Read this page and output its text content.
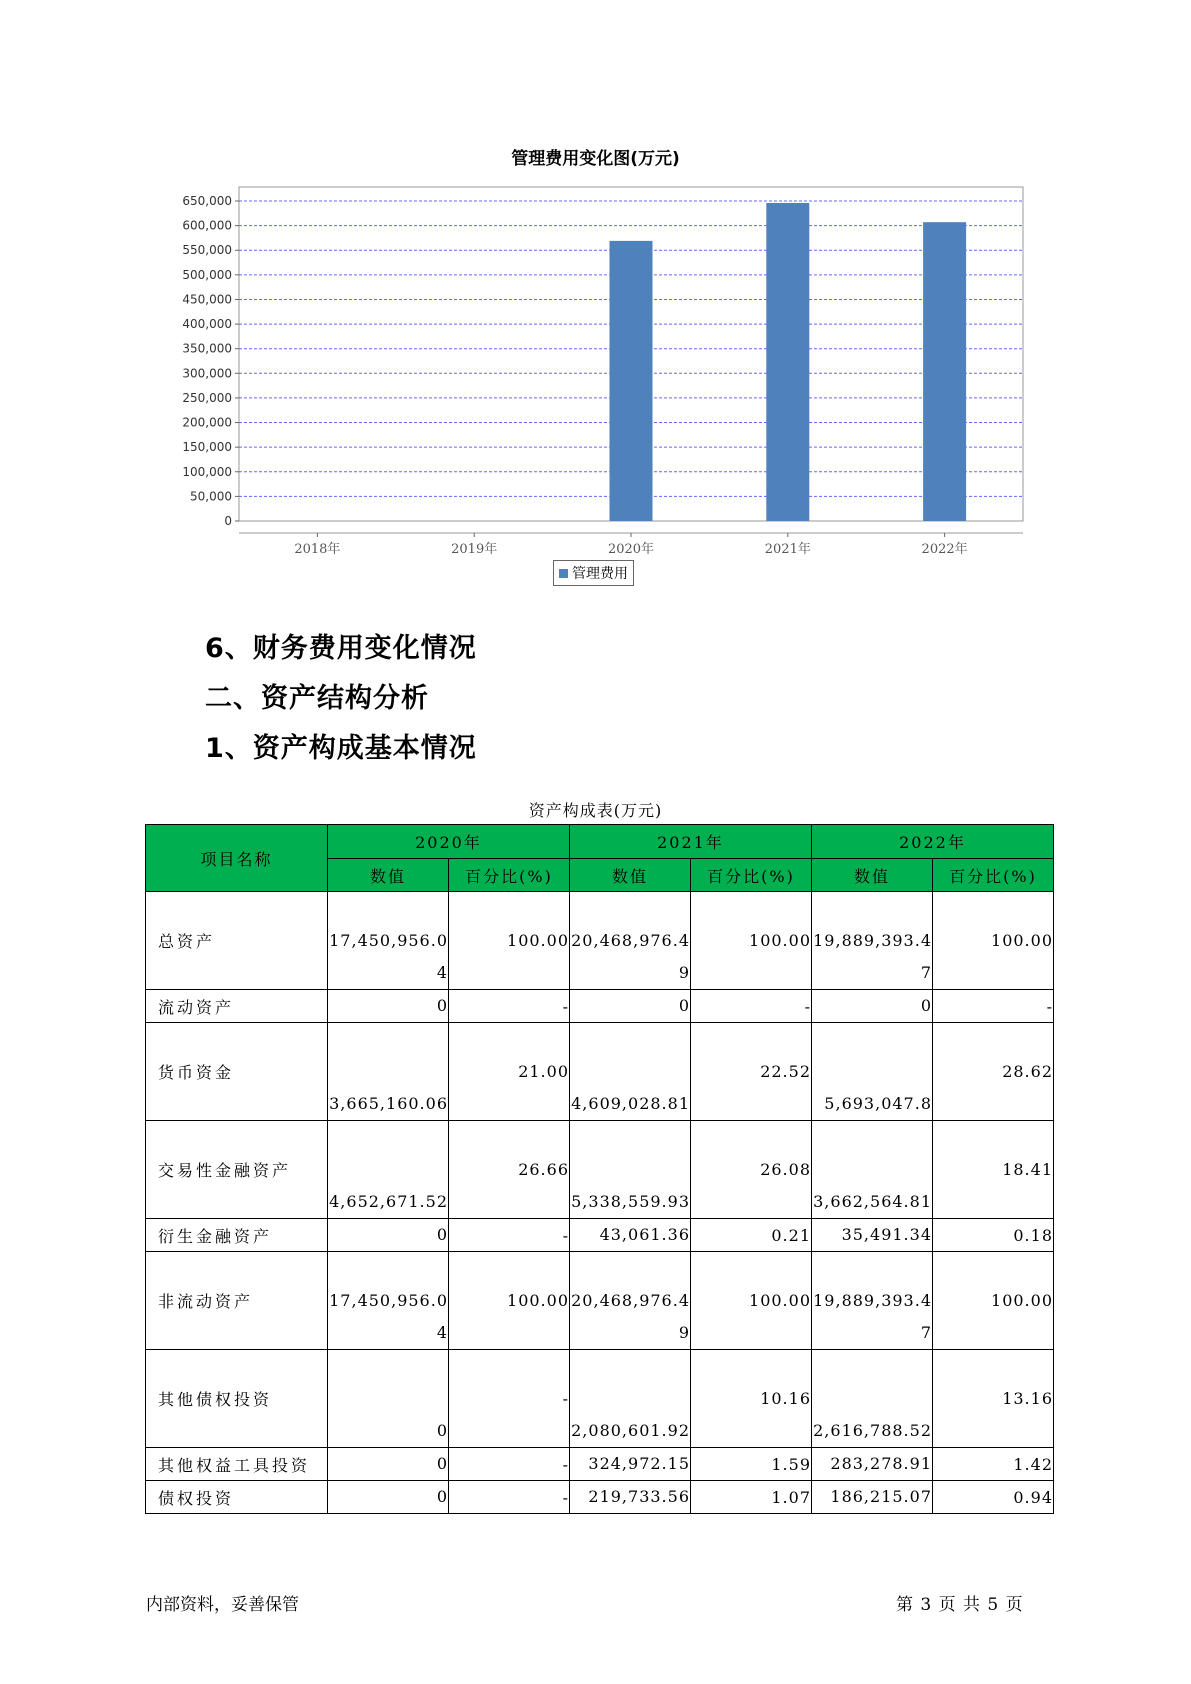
管理费用变化图(万元)
0
50,000
100,000
150,000
200,000
250,000
300,000
350,000
400,000
450,000
500,000
550,000
600,000
650,000
2018年	2019年	2020年	2021年	2022年
管理费用
6、财务费用变化情况
二、资产结构分析
1、资产构成基本情况
资产构成表(万元)
项目名称	2020年		2021年		2022年	
	数值	百分比(%)	数值	百分比(%)	数值	百分比(%)
总资产	17,450,956.04	100.00	20,468,976.49	100.00	19,889,393.47	100.00
流动资产	0	-	0	-	0	-
货币资金	3,665,160.06	21.00	4,609,028.81	22.52	5,693,047.8	28.62
交易性金融资产	4,652,671.52	26.66	5,338,559.93	26.08	3,662,564.81	18.41
衍生金融资产	0	-	43,061.36	0.21	35,491.34	0.18
非流动资产	17,450,956.04	100.00	20,468,976.49	100.00	19,889,393.47	100.00
其他债权投资	0	-	2,080,601.92	10.16	2,616,788.52	13.16
其他权益工具投资	0	-	324,972.15	1.59	283,278.91	1.42
债权投资	0	-	219,733.56	1.07	186,215.07	0.94
内部资料，妥善保管	第 3 页 共 5 页
